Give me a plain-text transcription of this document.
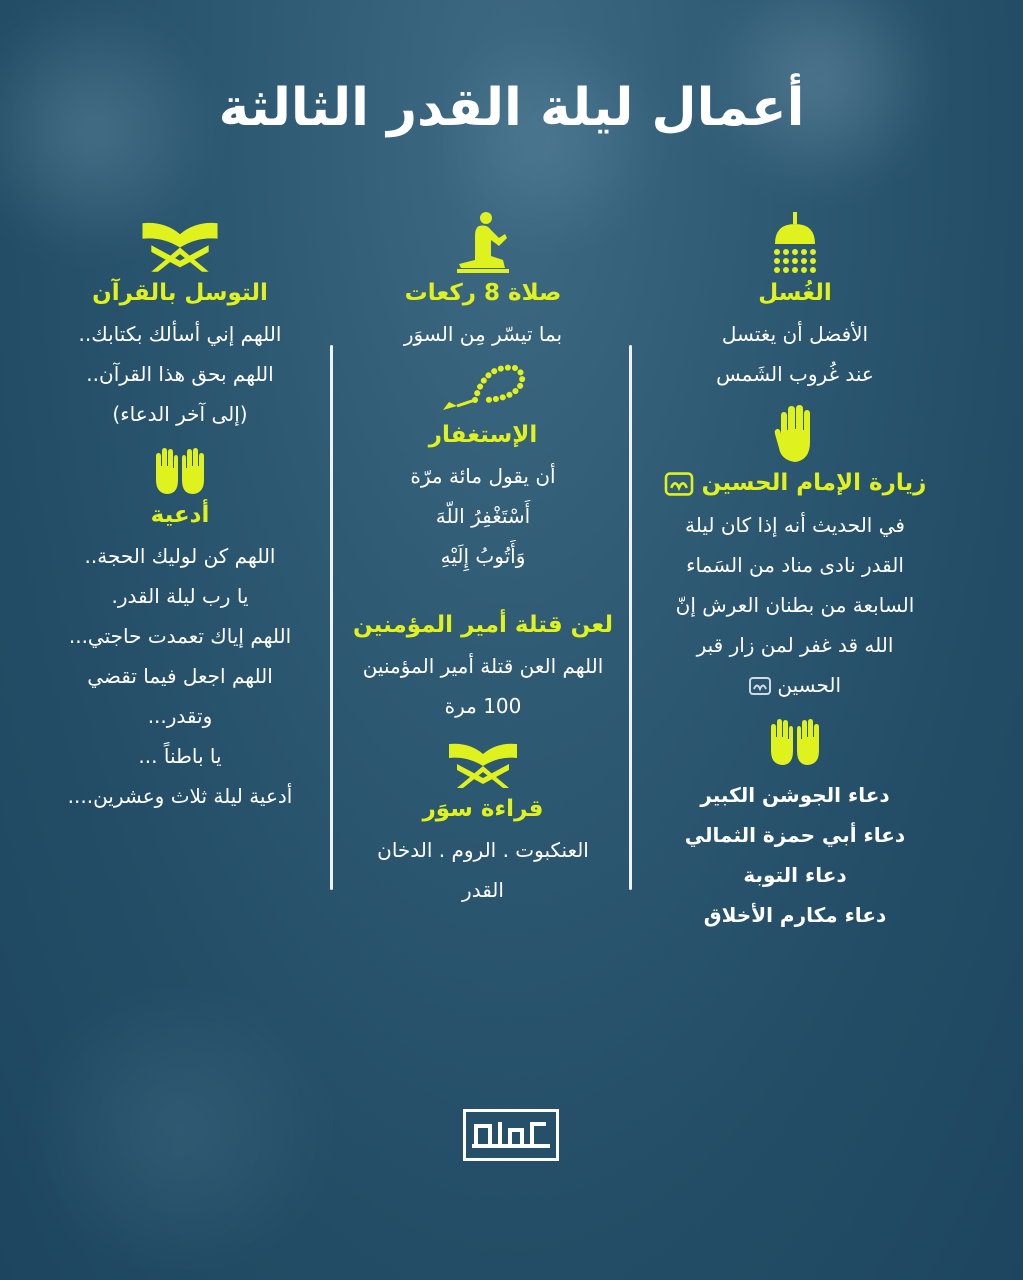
أعمال ليلة القدر الثالثة
الغُسل
الأفضل أن يغتسل
عند غُروب الشَمس
زيارة الإمام الحسين
في الحديث أنه إذا كان ليلة
القدر نادى مناد من السَماء
السابعة من بطنان العرش إنّ
الله قد غفر لمن زار قبر
الحسين
دعاء الجوشن الكبير
دعاء أبي حمزة الثمالي
دعاء التوبة
دعاء مكارم الأخلاق
صلاة 8 ركعات
بما تيسّر مِن السوَر
الإستغفار
أن يقول مائة مرّة
أَسْتَغْفِرُ اللّهَ
وَأَتُوبُ إِلَيْهِ
لعن قتلة أمير المؤمنين
اللهم العن قتلة أمير المؤمنين
100 مرة
قراءة سوَر
العنكبوت . الروم . الدخان
القدر
التوسل بالقرآن
اللهم إني أسألك بكتابك..
اللهم بحق هذا القرآن..
(إلى آخر الدعاء)
أدعية
اللهم كن لوليك الحجة..
يا رب ليلة القدر.
اللهم إياك تعمدت حاجتي...
اللهم اجعل فيما تقضي
وتقدر...
يا باطناً ...
أدعية ليلة ثلاث وعشرين....
